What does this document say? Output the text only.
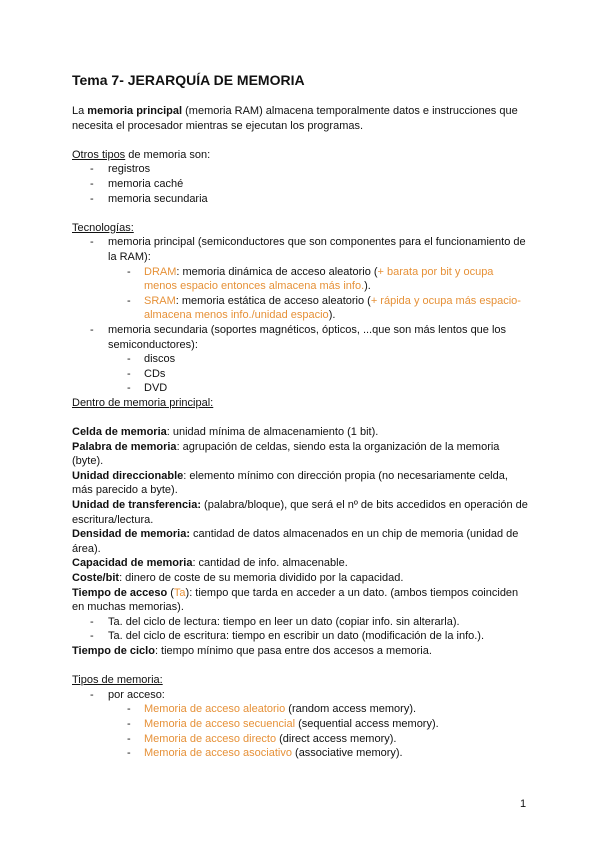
Tema 7- JERARQUÍA DE MEMORIA

La memoria principal (memoria RAM) almacena temporalmente datos e instrucciones que necesita el procesador mientras se ejecutan los programas.

Otros tipos de memoria son:

- registros
- memoria caché
- memoria secundaria

Tecnologías:

- memoria principal (semiconductores que son componentes para el funcionamiento de la RAM):
- DRAM: memoria dinámica de acceso aleatorio (+ barata por bit y ocupa menos espacio entonces almacena más info.).
- SRAM: memoria estática de acceso aleatorio (+ rápida y ocupa más espacio-almacena menos info./unidad espacio).
- memoria secundaria (soportes magnéticos, ópticos, ...que son más lentos que los semiconductores):
- discos
- CDs
- DVD

Dentro de memoria principal:

Celda de memoria: unidad mínima de almacenamiento (1 bit).

Palabra de memoria: agrupación de celdas, siendo esta la organización de la memoria (byte).

Unidad direccionable: elemento mínimo con dirección propia (no necesariamente celda, más parecido a byte).

Unidad de transferencia: (palabra/bloque), que será el nº de bits accedidos en operación de escritura/lectura.

Densidad de memoria: cantidad de datos almacenados en un chip de memoria (unidad de área).

Capacidad de memoria: cantidad de info. almacenable.

Coste/bit: dinero de coste de su memoria dividido por la capacidad.

Tiempo de acceso (Ta): tiempo que tarda en acceder a un dato. (ambos tiempos coinciden en muchas memorias).

- Ta. del ciclo de lectura: tiempo en leer un dato (copiar info. sin alterarla).
- Ta. del ciclo de escritura: tiempo en escribir un dato (modificación de la info.).

Tiempo de ciclo: tiempo mínimo que pasa entre dos accesos a memoria.

Tipos de memoria:

- por acceso:
- Memoria de acceso aleatorio (random access memory).
- Memoria de acceso secuencial (sequential access memory).
- Memoria de acceso directo (direct access memory).
- Memoria de acceso asociativo (associative memory).
1
